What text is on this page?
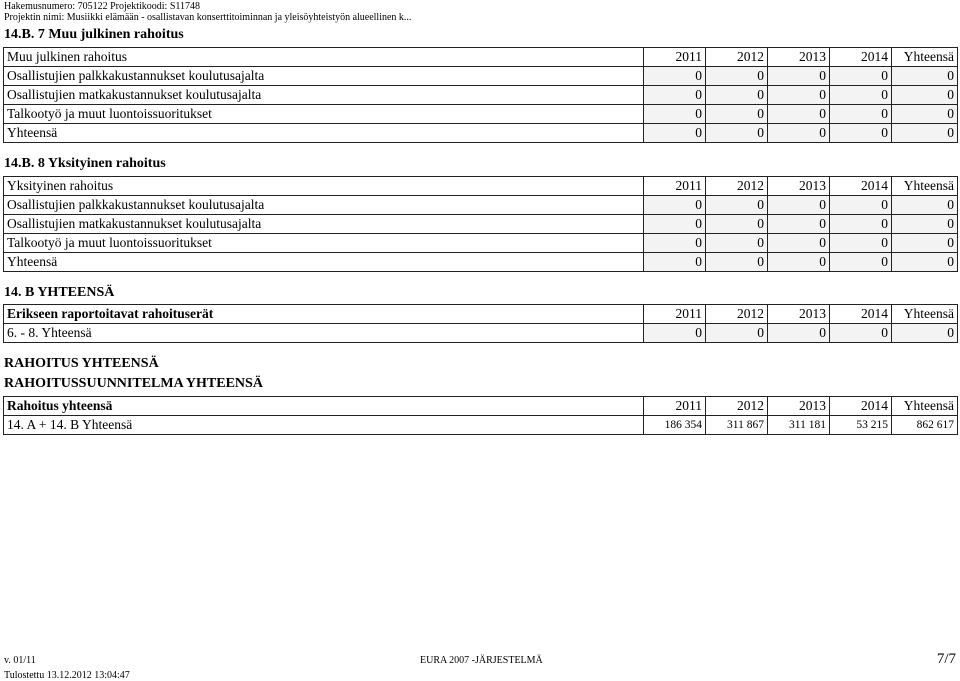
Hakemusnumero: 705122 Projektikoodi: S11748
Projektin nimi: Musiikki elämään - osallistavan konserttitoiminnan ja yleisöyhteistyön alueellinen k...
14.B. 7 Muu julkinen rahoitus
Muu julkinen rahoitus	2011	2012	2013	2014	Yhteensä
Osallistujien palkkakustannukset koulutusajalta	0	0	0	0	0
Osallistujien matkakustannukset koulutusajalta	0	0	0	0	0
Talkootyö ja muut luontoissuoritukset	0	0	0	0	0
Yhteensä	0	0	0	0	0
14.B. 8 Yksityinen rahoitus
Yksityinen rahoitus	2011	2012	2013	2014	Yhteensä
Osallistujien palkkakustannukset koulutusajalta	0	0	0	0	0
Osallistujien matkakustannukset koulutusajalta	0	0	0	0	0
Talkootyö ja muut luontoissuoritukset	0	0	0	0	0
Yhteensä	0	0	0	0	0
14. B YHTEENSÄ
Erikseen raportoitavat rahoituserät	2011	2012	2013	2014	Yhteensä
6. - 8. Yhteensä	0	0	0	0	0
RAHOITUS YHTEENSÄ
RAHOITUSSUUNNITELMA YHTEENSÄ
Rahoitus yhteensä	2011	2012	2013	2014	Yhteensä
14. A + 14. B Yhteensä	186 354	311 867	311 181	53 215	862 617
v. 01/11	EURA 2007 -JÄRJESTELMÄ	7/7
Tulostettu 13.12.2012 13:04:47
